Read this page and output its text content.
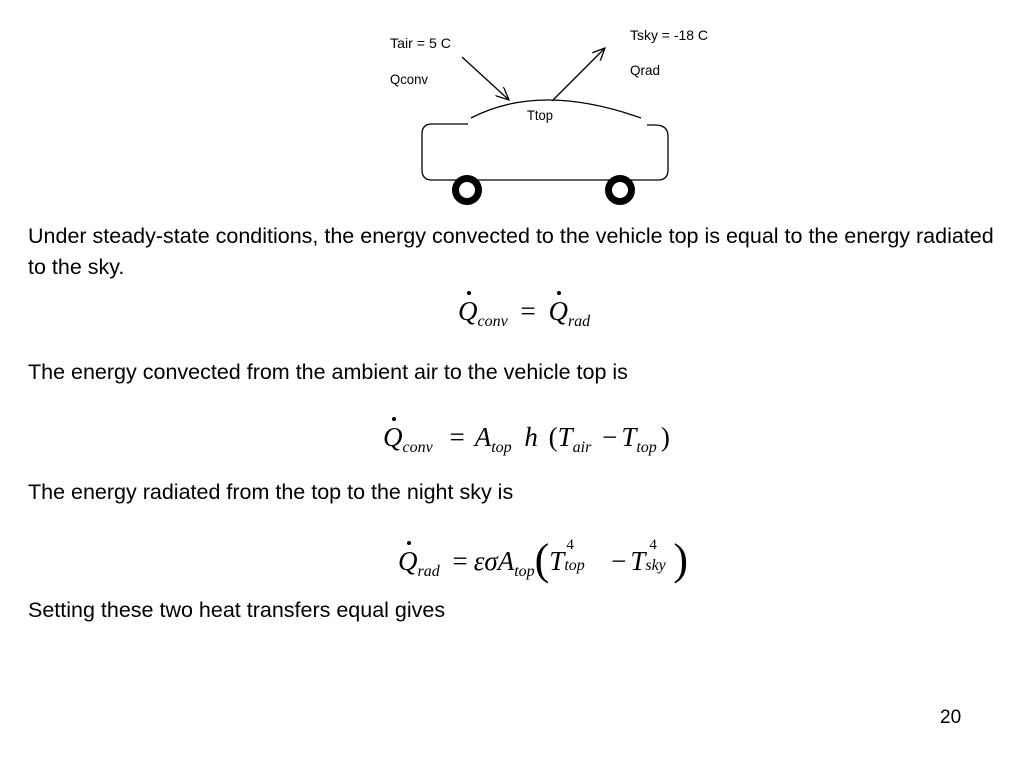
Tair = 5 C
Qconv
Tsky = -18 C
Qrad
Ttop
Under steady-state conditions, the energy convected to the vehicle top is equal to the energy radiated to the sky.
$Q_{conv} = Q_{rad}$
The energy convected from the ambient air to the vehicle top is
$Q_{conv} = A_{top}$ h ($T_{air} - T_{top}$ )
The energy radiated from the top to the night sky is
$Q_{rad} = \varepsilon\sigma A_{top}(T$
4
top − T
4
sky )
Setting these two heat transfers equal gives
20
